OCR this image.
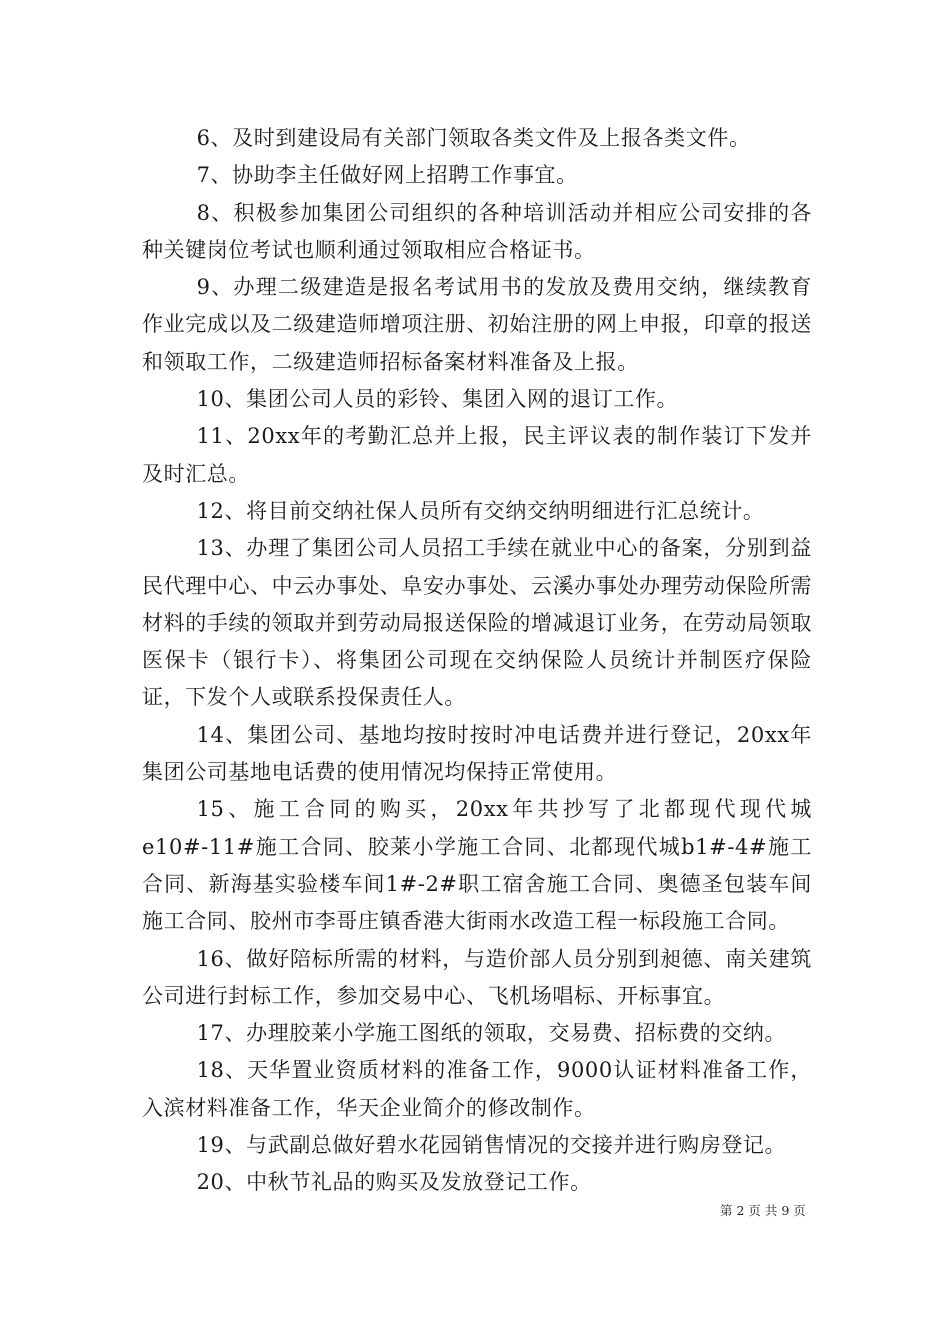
6、及时到建设局有关部门领取各类文件及上报各类文件。

7、协助李主任做好网上招聘工作事宜。

8、积极参加集团公司组织的各种培训活动并相应公司安排的各种关键岗位考试也顺利通过领取相应合格证书。

9、办理二级建造是报名考试用书的发放及费用交纳，继续教育作业完成以及二级建造师增项注册、初始注册的网上申报，印章的报送和领取工作，二级建造师招标备案材料准备及上报。

10、集团公司人员的彩铃、集团入网的退订工作。

11、20xx年的考勤汇总并上报，民主评议表的制作装订下发并及时汇总。

12、将目前交纳社保人员所有交纳交纳明细进行汇总统计。

13、办理了集团公司人员招工手续在就业中心的备案，分别到益民代理中心、中云办事处、阜安办事处、云溪办事处办理劳动保险所需材料的手续的领取并到劳动局报送保险的增减退订业务，在劳动局领取医保卡（银行卡）、将集团公司现在交纳保险人员统计并制医疗保险证，下发个人或联系投保责任人。

14、集团公司、基地均按时按时冲电话费并进行登记，20xx年集团公司基地电话费的使用情况均保持正常使用。

15、施工合同的购买，20xx年共抄写了北都现代现代城e10#-11#施工合同、胶莱小学施工合同、北都现代城b1#-4#施工合同、新海基实验楼车间1#-2#职工宿舍施工合同、奥德圣包装车间施工合同、胶州市李哥庄镇香港大街雨水改造工程一标段施工合同。

16、做好陪标所需的材料，与造价部人员分别到昶德、南关建筑公司进行封标工作，参加交易中心、飞机场唱标、开标事宜。

17、办理胶莱小学施工图纸的领取，交易费、招标费的交纳。

18、天华置业资质材料的准备工作，9000认证材料准备工作，入滨材料准备工作，华天企业简介的修改制作。

19、与武副总做好碧水花园销售情况的交接并进行购房登记。

20、中秋节礼品的购买及发放登记工作。

第 2 页 共 9 页
